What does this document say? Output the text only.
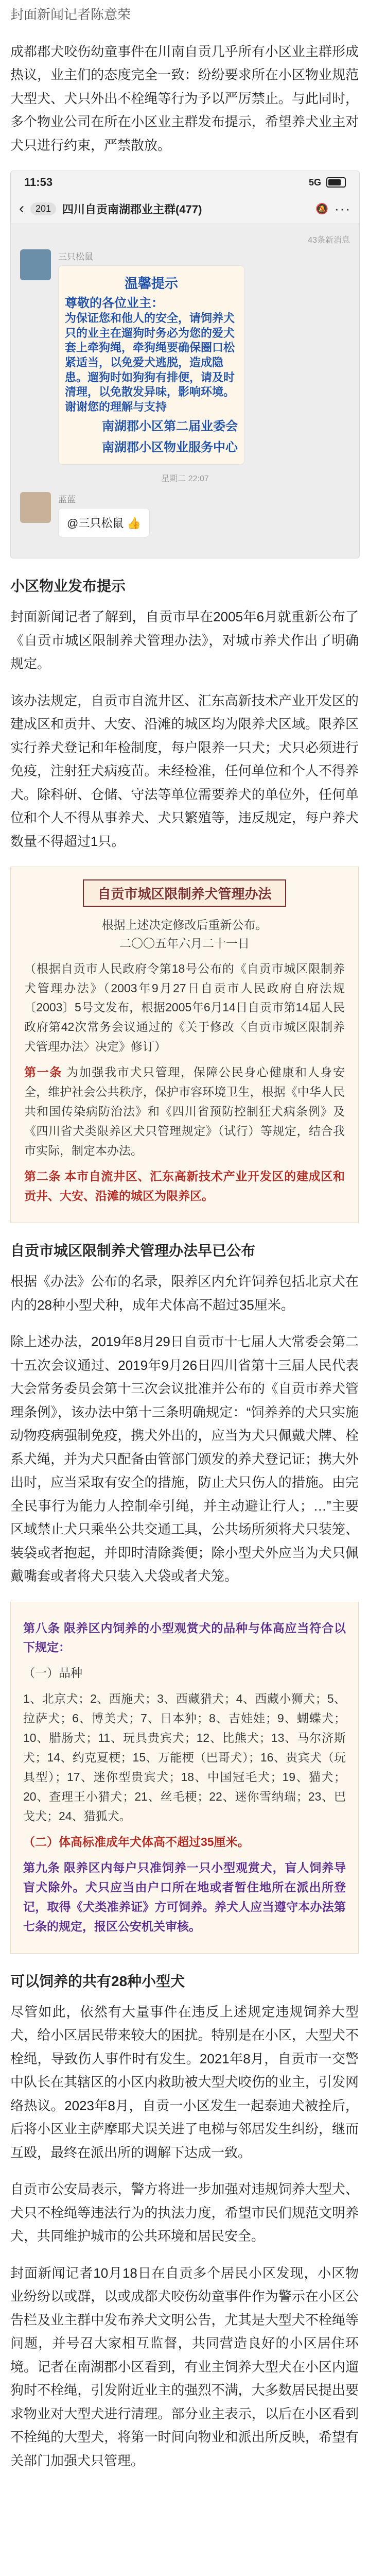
封面新闻记者陈意荣

成都郡犬咬伤幼童事件在川南自贡几乎所有小区业主群形成热议，业主们的态度完全一致：纷纷要求所在小区物业规范大型犬、犬只外出不栓绳等行为予以严厉禁止。与此同时，多个物业公司在所在小区业主群发布提示，希望养犬业主对犬只进行约束，严禁散放。

11:53	5G
‹	201	四川自贡南湖郡业主群(477)	🔕 ···
43条新消息
三只松鼠
温馨提示
尊敬的各位业主：
为保证您和他人的安全，请饲养犬只的业主在遛狗时务必为您的爱犬套上牵狗绳，牵狗绳要确保圈口松紧适当，以免爱犬逃脱，造成隐患。遛狗时如狗狗有排便，请及时清理，以免散发异味，影响环境。谢谢您的理解与支持
南湖郡小区第二届业委会
南湖郡小区物业服务中心
星期二 22:07
蓝蓝
@三只松鼠 👍
小区物业发布提示

封面新闻记者了解到，自贡市早在2005年6月就重新公布了《自贡市城区限制养犬管理办法》，对城市养犬作出了明确规定。

该办法规定，自贡市自流井区、汇东高新技术产业开发区的建成区和贡井、大安、沿滩的城区均为限养犬区域。限养区实行养犬登记和年检制度，每户限养一只犬；犬只必须进行免疫，注射狂犬病疫苗。未经检准，任何单位和个人不得养犬。除科研、仓储、守法等单位需要养犬的单位外，任何单位和个人不得从事养犬、犬只繁殖等，违反规定，每户养犬数量不得超过1只。

自贡市城区限制养犬管理办法
根据上述决定修改后重新公布。
二〇〇五年六月二十一日

（根据自贡市人民政府令第18号公布的《自贡市城区限制养犬管理办法》（2003年9月27日自贡市人民政府自府法规〔2003〕5号文发布，根据2005年6月14日自贡市第14届人民政府第42次常务会议通过的《关于修改〈自贡市城区限制养犬管理办法〉决定》修订）

第一条 为加强我市犬只管理，保障公民身心健康和人身安全，维护社会公共秩序，保护市容环境卫生，根据《中华人民共和国传染病防治法》和《四川省预防控制狂犬病条例》及《四川省犬类限养区犬只管理规定》（试行）等规定，结合我市实际，制定本办法。

第二条 本市自流井区、汇东高新技术产业开发区的建成区和贡井、大安、沿滩的城区为限养区。

自贡市城区限制养犬管理办法早已公布

根据《办法》公布的名录，限养区内允许饲养包括北京犬在内的28种小型犬种，成年犬体高不超过35厘米。

除上述办法，2019年8月29日自贡市十七届人大常委会第二十五次会议通过、2019年9月26日四川省第十三届人民代表大会常务委员会第十三次会议批准并公布的《自贡市养犬管理条例》，该办法中第十三条明确规定：“饲养养的犬只实施动物疫病强制免疫，携犬外出的，应当为犬只佩戴犬牌、栓系犬绳，并为犬只配备由管部门颁发的养犬登记证；携大外出时，应当采取有安全的措施，防止犬只伤人的措施。由完全民事行为能力人控制牵引绳，并主动避让行人；…”主要区域禁止犬只乘坐公共交通工具，公共场所须将犬只装笼、装袋或者抱起，并即时清除粪便；除小型犬外应当为犬只佩戴嘴套或者将犬只装入犬袋或者犬笼。

第八条 限养区内饲养的小型观赏犬的品种与体高应当符合以下规定：

（一）品种

1、北京犬；2、西施犬；3、西藏猎犬；4、西藏小狮犬；5、拉萨犬；6、博美犬；7、日本狆；8、吉娃娃；9、蝴蝶犬；10、腊肠犬；11、玩具贵宾犬；12、比熊犬；13、马尔济斯犬；14、约克夏梗；15、万能梗（巴哥犬）；16、贵宾犬（玩具型）；17、迷你型贵宾犬；18、中国冠毛犬；19、猫犬；20、查理王小猎犬；21、丝毛梗；22、迷你雪纳瑞；23、巴戈犬；24、猎狐犬。

（二）体高标准成年犬体高不超过35厘米。

第九条 限养区内每户只准饲养一只小型观赏犬，盲人饲养导盲犬除外。犬只应当由户口所在地或者暂住地所在派出所登记，取得《犬类准养证》方可饲养。养犬人应当遵守本办法第七条的规定，报区公安机关审核。

可以饲养的共有28种小型犬

尽管如此，依然有大量事件在违反上述规定违规饲养大型犬，给小区居民带来较大的困扰。特别是在小区，大型犬不栓绳，导致伤人事件时有发生。2021年8月，自贡市一交警中队长在其辖区的小区内救助被大型犬咬伤的业主，引发网络热议。2023年8月，自贡一小区发生一起泰迪犬被拴后，后将小区业主萨摩耶犬误关进了电梯与邻居发生纠纷，继而互殴，最终在派出所的调解下达成一致。

自贡市公安局表示，警方将进一步加强对违规饲养大型犬、犬只不栓绳等违法行为的执法力度，希望市民们规范文明养犬，共同维护城市的公共环境和居民安全。

封面新闻记者10月18日在自贡多个居民小区发现，小区物业纷纷以或群，以或成都犬咬伤幼童事件作为警示在小区公告栏及业主群中发布养犬文明公告，尤其是大型犬不栓绳等问题，并号召大家相互监督，共同营造良好的小区居住环境。记者在南湖郡小区看到，有业主饲养大型犬在小区内遛狗时不栓绳，引发附近业主的强烈不满，大多数居民提出要求物业对大型犬进行清理。部分业主表示，以后在小区看到不栓绳的大型犬，将第一时间向物业和派出所反映，希望有关部门加强犬只管理。
